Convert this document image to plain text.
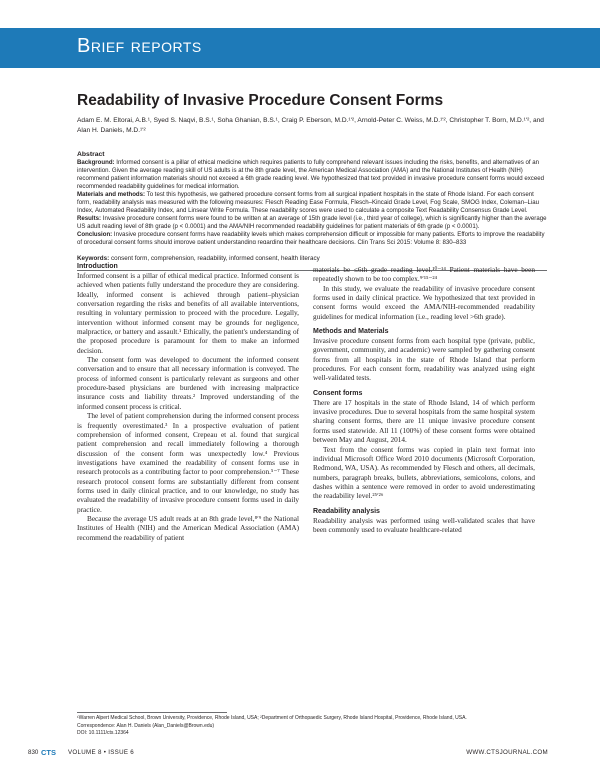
Brief reports
Readability of Invasive Procedure Consent Forms
Adam E. M. Eltorai, A.B.¹, Syed S. Naqvi, B.S.¹, Soha Ghanian, B.S.¹, Craig P. Eberson, M.D.¹ʹ², Arnold-Peter C. Weiss, M.D.¹ʹ², Christopher T. Born, M.D.¹ʹ², and Alan H. Daniels, M.D.¹ʹ²
Abstract

Background: Informed consent is a pillar of ethical medicine which requires patients to fully comprehend relevant issues including the risks, benefits, and alternatives of an intervention. Given the average reading skill of US adults is at the 8th grade level, the American Medical Association (AMA) and the National Institutes of Health (NIH) recommend patient information materials should not exceed a 6th grade reading level. We hypothesized that text provided in invasive procedure consent forms would exceed recommended readability guidelines for medical information.

Materials and methods: To test this hypothesis, we gathered procedure consent forms from all surgical inpatient hospitals in the state of Rhode Island. For each consent form, readability analysis was measured with the following measures: Flesch Reading Ease Formula, Flesch–Kincaid Grade Level, Fog Scale, SMOG Index, Coleman–Liau Index, Automated Readability Index, and Linsear Write Formula. These readability scores were used to calculate a composite Text Readability Consensus Grade Level.

Results: Invasive procedure consent forms were found to be written at an average of 15th grade level (i.e., third year of college), which is significantly higher than the average US adult reading level of 8th grade (p < 0.0001) and the AMA/NIH recommended readability guidelines for patient materials of 6th grade (p < 0.0001).

Conclusion: Invasive procedure consent forms have readability levels which makes comprehension difficult or impossible for many patients. Efforts to improve the readability of procedural consent forms should improve patient understanding regarding their healthcare decisions. Clin Trans Sci 2015; Volume 8: 830–833

Keywords: consent form, comprehension, readability, informed consent, health literacy
Introduction

Informed consent is a pillar of ethical medical practice. Informed consent is achieved when patients fully understand the procedure they are considering. Ideally, informed consent is achieved through patient–physician conversation regarding the risks and benefits of all available interventions, resulting in voluntary permission to proceed with the procedure. Legally, intervention without informed consent may be grounds for negligence, malpractice, or battery and assault.¹ Ethically, the patient's understanding of the proposed procedure is paramount for them to make an informed decision.

The consent form was developed to document the informed consent conversation and to ensure that all necessary information is conveyed. The process of informed consent is particularly relevant as surgeons and other procedure-based physicians are burdened with increasing malpractice insurance costs and liability threats.² Improved understanding of the informed consent process is critical.

The level of patient comprehension during the informed consent process is frequently overestimated.³ In a prospective evaluation of patient comprehension of informed consent, Crepeau et al. found that surgical patient comprehension and recall immediately following a thorough discussion of the consent form was unexpectedly low.⁴ Previous investigations have examined the readability of consent forms use in research protocols as a contributing factor to poor comprehension.⁵⁻⁷ These research protocol consent forms are substantially different from consent forms used in daily clinical practice, and to our knowledge, no study has evaluated the readability of invasive procedure consent forms used in daily practice.

Because the average US adult reads at an 8th grade level,⁸ʹ⁹ the National Institutes of Health (NIH) and the American Medical Association (AMA) recommend the readability of patient

materials be ≤6th grade reading level.¹⁰⁻¹⁴ Patient materials have been repeatedly shown to be too complex.⁹ʹ¹⁵⁻²⁴

In this study, we evaluate the readability of invasive procedure consent forms used in daily clinical practice. We hypothesized that text provided in consent forms would exceed the AMA/NIH-recommended readability guidelines for medical information (i.e., reading level >6th grade).

Methods and Materials

Invasive procedure consent forms from each hospital type (private, public, government, community, and academic) were sampled by gathering consent forms from all hospitals in the state of Rhode Island that perform procedures. For each consent form, readability was analyzed using eight well-validated tests.

Consent forms

There are 17 hospitals in the state of Rhode Island, 14 of which perform invasive procedures. Due to several hospitals from the same hospital system sharing consent forms, there are 11 unique invasive procedure consent forms used statewide. All 11 (100%) of these consent forms were obtained between May and August, 2014.

Text from the consent forms was copied in plain text format into individual Microsoft Office Word 2010 documents (Microsoft Corporation, Redmond, WA, USA). As recommended by Flesch and others, all decimals, numbers, paragraph breaks, bullets, abbreviations, semicolons, colons, and dashes within a sentence were removed in order to avoid underestimating the readability level.²⁵ʹ²⁶

Readability analysis

Readability analysis was performed using well-validated scales that have been commonly used to evaluate healthcare-related

¹Warren Alpert Medical School, Brown University, Providence, Rhode Island, USA; ²Department of Orthopaedic Surgery, Rhode Island Hospital, Providence, Rhode Island, USA.
Correspondence: Alan H. Daniels (Alan_Daniels@Brown.edu)
DOI: 10.1111/cts.12364
830 CTS VOLUME 8 • ISSUE 6	WWW.CTSJOURNAL.COM
